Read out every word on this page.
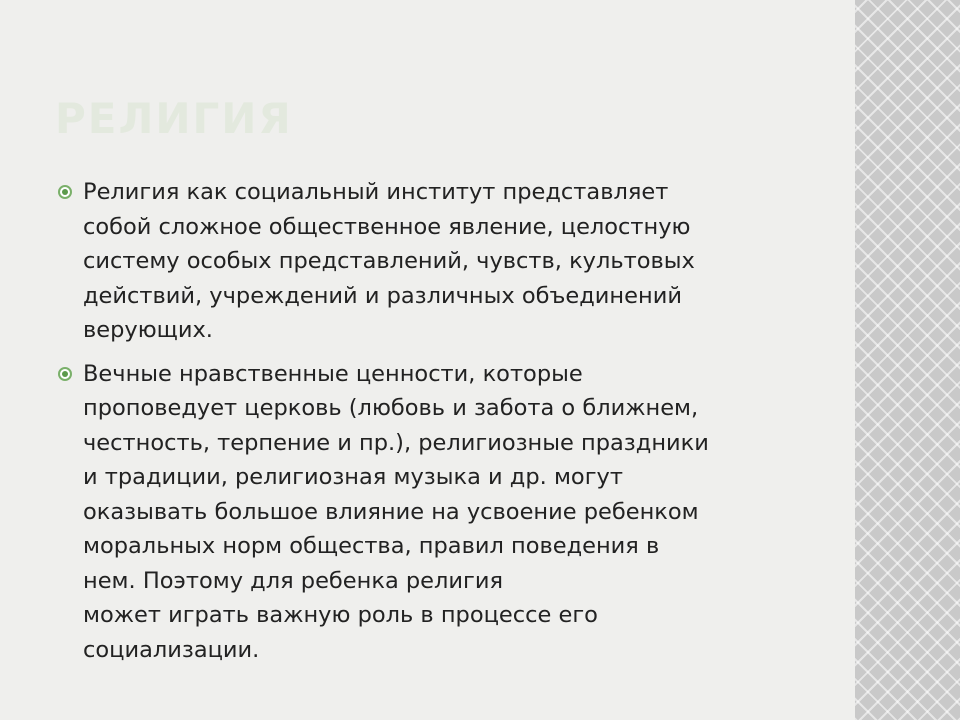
РЕЛИГИЯ
Религия как социальный институт представляет
собой сложное общественное явление, целостную
систему особых представлений, чувств, культовых
действий, учреждений и различных объединений
верующих.
Вечные нравственные ценности, которые
проповедует церковь (любовь и забота о ближнем,
честность, терпение и пр.), религиозные праздники
и традиции, религиозная музыка и др. могут
оказывать большое влияние на усвоение ребенком
моральных норм общества, правил поведения в
нем. Поэтому для ребенка религия
может играть важную роль в процессе его
социализации.
